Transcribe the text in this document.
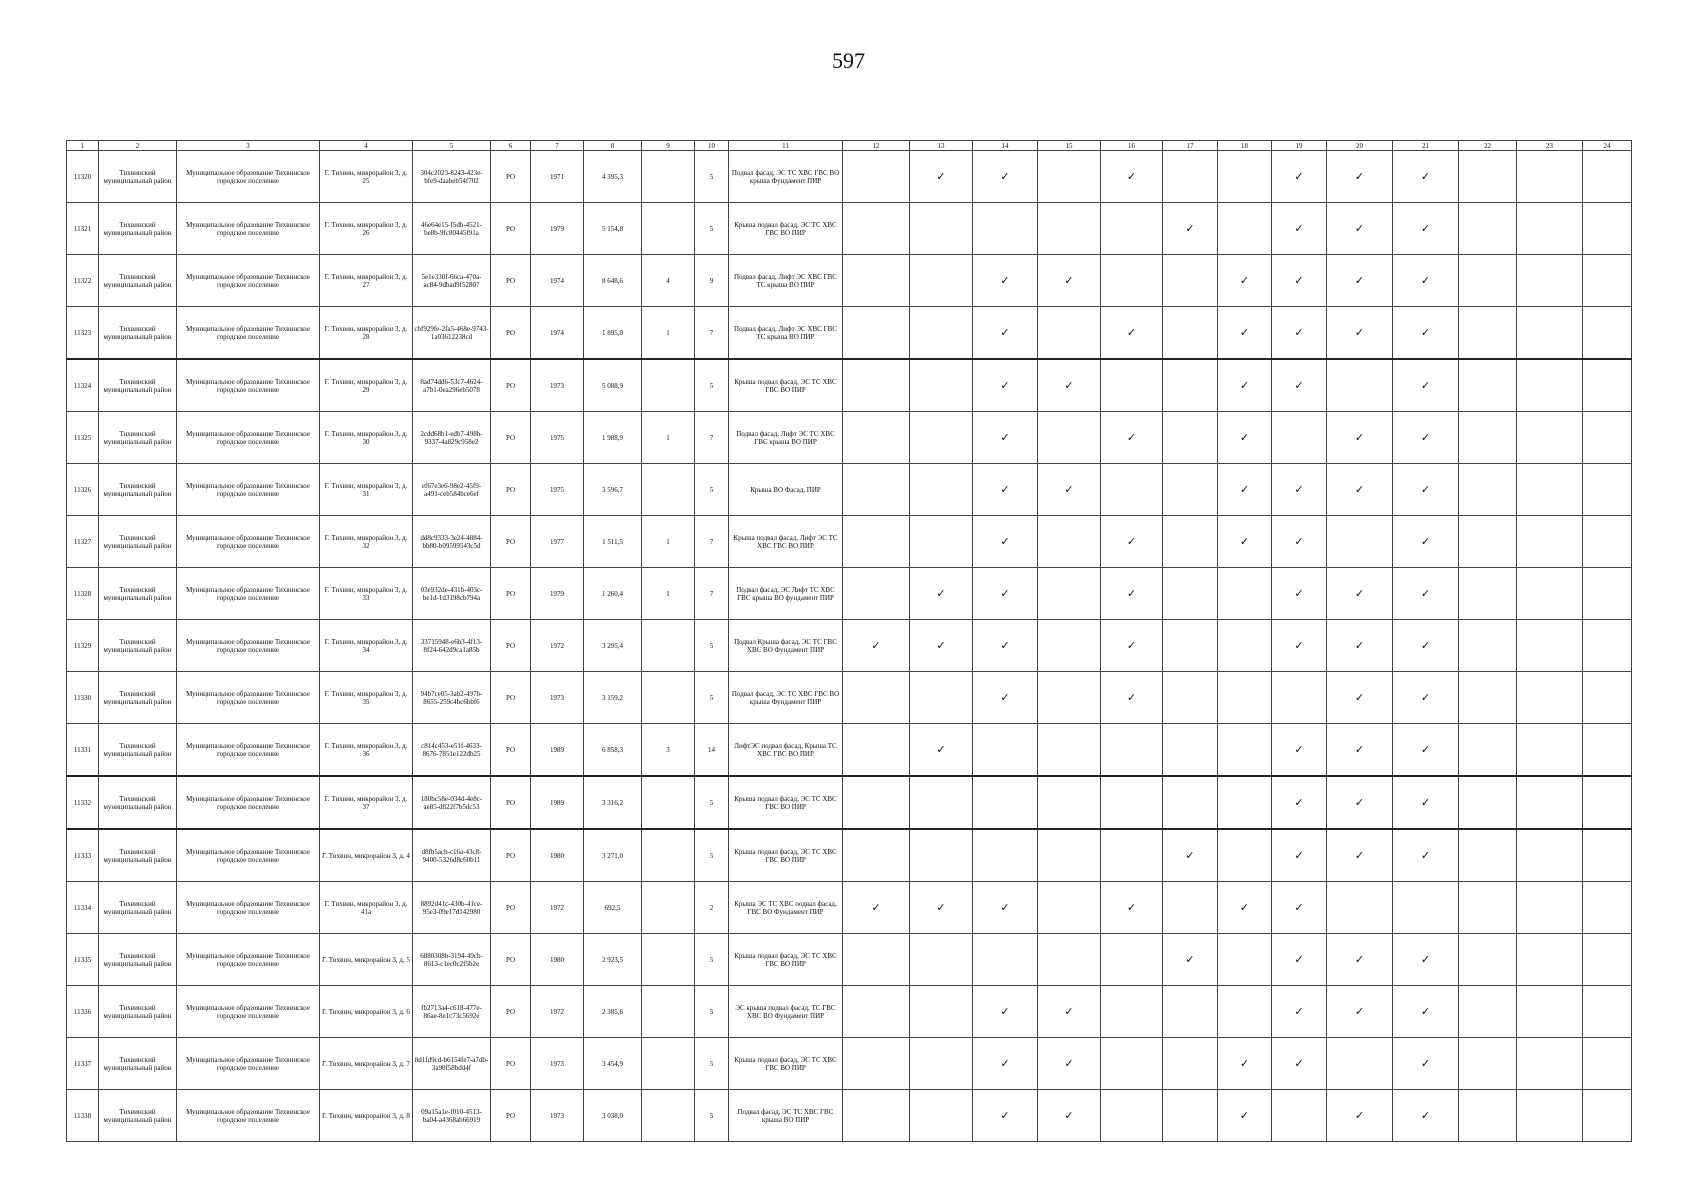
597
1	2	3	4	5	6	7	8	9	10	11	12	13	14	15	16	17	18	19	20	21	22	23	24
11320	Тихвинский муниципальный район	Муниципальное образование Тихвинское городское поселение	Г. Тихвин, микрорайон 3, д. 25	304c2023-8243-423e-bfe9-daabeb54f702	РО	1971	4 395,3		5	Подвал фасад, ЭС ТС ХВС ГВС ВО крыша Фундамент ПИР		✓	✓		✓			✓	✓	✓			
11321	Тихвинский муниципальный район	Муниципальное образование Тихвинское городское поселение	Г. Тихвин, микрорайон 3, д. 26	46e64e15-f5db-4521-be8b-9fc80445f91a	РО	1979	5 154,8		5	Крыша подвал фасад, ЭС ТС ХВС ГВС ВО ПИР						✓		✓	✓	✓			
11322	Тихвинский муниципальный район	Муниципальное образование Тихвинское городское поселение	Г. Тихвин, микрорайон 3, д. 27	5e1e330f-66ca-470a-ac84-9dbad9f52807	РО	1974	8 648,6	4	9	Подвал фасад, Лифт ЭС ХВС ГВС ТС крыша ВО ПИР			✓	✓			✓	✓	✓	✓			
11323	Тихвинский муниципальный район	Муниципальное образование Тихвинское городское поселение	Г. Тихвин, микрорайон 3, д. 28	cbf929fe-2fa5-468e-9743-1a03612238cd	РО	1974	1 895,0	1	7	Подвал фасад, Лифт ЭС ХВС ГВС ТС крыша ВО ПИР			✓		✓		✓	✓	✓	✓			
11324	Тихвинский муниципальный район	Муниципальное образование Тихвинское городское поселение	Г. Тихвин, микрорайон 3, д. 29	8ad74dd6-53c7-4624-a7b1-0ea296eb5078	РО	1973	5 088,9		5	Крыша подвал фасад, ЭС ТС ХВС ГВС ВО ПИР			✓	✓			✓	✓		✓			
11325	Тихвинский муниципальный район	Муниципальное образование Тихвинское городское поселение	Г. Тихвин, микрорайон 3, д. 30	2cdd68b1-edb7-498b-9337-4a829c958e2	РО	1975	1 988,9	1	7	Подвал фасад, Лифт ЭС ТС ХВС ГВС крыша ВО ПИР			✓		✓		✓		✓	✓			
11326	Тихвинский муниципальный район	Муниципальное образование Тихвинское городское поселение	Г. Тихвин, микрорайон 3, д. 31	ef67e3e6-98e2-45f9-a491-ceb584bce6ef	РО	1975	3 596,7		5	Крыша ВО Фасад, ПИР			✓	✓			✓	✓	✓	✓			
11327	Тихвинский муниципальный район	Муниципальное образование Тихвинское городское поселение	Г. Тихвин, микрорайон 3, д. 32	dd8c9333-3e24-4884-bb80-b09599543c5d	РО	1977	1 511,5	1	7	Крыша подвал фасад, Лифт ЭС ТС ХВС ГВС ВО ПИР			✓		✓		✓	✓		✓			
11328	Тихвинский муниципальный район	Муниципальное образование Тихвинское городское поселение	Г. Тихвин, микрорайон 3, д. 33	03e932de-431b-403c-be1d-1d3198cb794a	РО	1979	1 260,4	1	7	Подвал фасад, ЭС Лифт ТС ХВС ГВС крыша ВО фундамент ПИР		✓	✓		✓			✓	✓	✓			
11329	Тихвинский муниципальный район	Муниципальное образование Тихвинское городское поселение	Г. Тихвин, микрорайон 3, д. 34	33715948-e6b3-4f13-8f24-642d9ca1a85b	РО	1972	3 295,4		5	Подвал Крыша фасад, ЭС ТС ГВС ХВС ВО Фундамент ПИР	✓	✓	✓		✓			✓	✓	✓			
11330	Тихвинский муниципальный район	Муниципальное образование Тихвинское городское поселение	Г. Тихвин, микрорайон 3, д. 35	94b7ce05-3ab2-497b-8655-259c4bc6bbf6	РО	1973	3 159,2		5	Подвал фасад, ЭС ТС ХВС ГВС ВО крыша Фундамент ПИР			✓		✓				✓	✓			
11331	Тихвинский муниципальный район	Муниципальное образование Тихвинское городское поселение	Г. Тихвин, микрорайон 3, д. 36	c814c453-e51f-4633-8676-7851e122db25	РО	1989	6 858,3	3	14	ЛифтЭС подвал фасад, Крыша ТС ХВС ГВС ВО ПИР		✓						✓	✓	✓			
11332	Тихвинский муниципальный район	Муниципальное образование Тихвинское городское поселение	Г. Тихвин, микрорайон 3, д. 37	180bc58e-034d-4e8c-ae85-d822f7b5dc53	РО	1989	3 316,2		5	Крыша подвал фасад, ЭС ТС ХВС ГВС ВО ПИР								✓	✓	✓			
11333	Тихвинский муниципальный район	Муниципальное образование Тихвинское городское поселение	Г. Тихвин, микрорайон 3, д. 4	d8fb5acb-c16a-43c8-9400-5326d8c60b11	РО	1980	3 271,0		5	Крыша подвал фасад, ЭС ТС ХВС ГВС ВО ПИР						✓		✓	✓	✓			
11334	Тихвинский муниципальный район	Муниципальное образование Тихвинское городское поселение	Г. Тихвин, микрорайон 3, д. 41а	8892d41c-430b-41ce-95e3-09e17d142980	РО	1972	692,5		2	Крыша ЭС ТС ХВС подвал фасад, ГВС ВО Фундамент ПИР	✓	✓	✓		✓		✓	✓					
11335	Тихвинский муниципальный район	Муниципальное образование Тихвинское городское поселение	Г. Тихвин, микрорайон 3, д. 5	6880308b-3194-49cb-8613-c1ec0c2f5b2e	РО	1980	2 923,5		5	Крыша подвал фасад, ЭС ТС ХВС ГВС ВО ПИР						✓		✓	✓	✓			
11336	Тихвинский муниципальный район	Муниципальное образование Тихвинское городское поселение	Г. Тихвин, микрорайон 3, д. 6	fb2713a4-c618-477e-86ae-8e1c73c5692e	РО	1972	2 385,6		5	ЭС крыша подвал фасад, ТС ГВС ХВС ВО Фундамент ПИР			✓	✓				✓	✓	✓			
11337	Тихвинский муниципальный район	Муниципальное образование Тихвинское городское поселение	Г. Тихвин, микрорайон 3, д. 7	8d1fd9cd-b6154fe7-a7db-3a90f58bdd4f	РО	1973	3 454,9		5	Крыша подвал фасад, ЭС ТС ХВС ГВС ВО ПИР			✓	✓			✓	✓		✓			
11338	Тихвинский муниципальный район	Муниципальное образование Тихвинское городское поселение	Г. Тихвин, микрорайон 3, д. 8	09a15a1e-f010-4513-ba04-a4368ab66919	РО	1973	3 038,0		5	Подвал фасад, ЭС ТС ХВС ГВС крыша ВО ПИР			✓	✓			✓		✓	✓			
